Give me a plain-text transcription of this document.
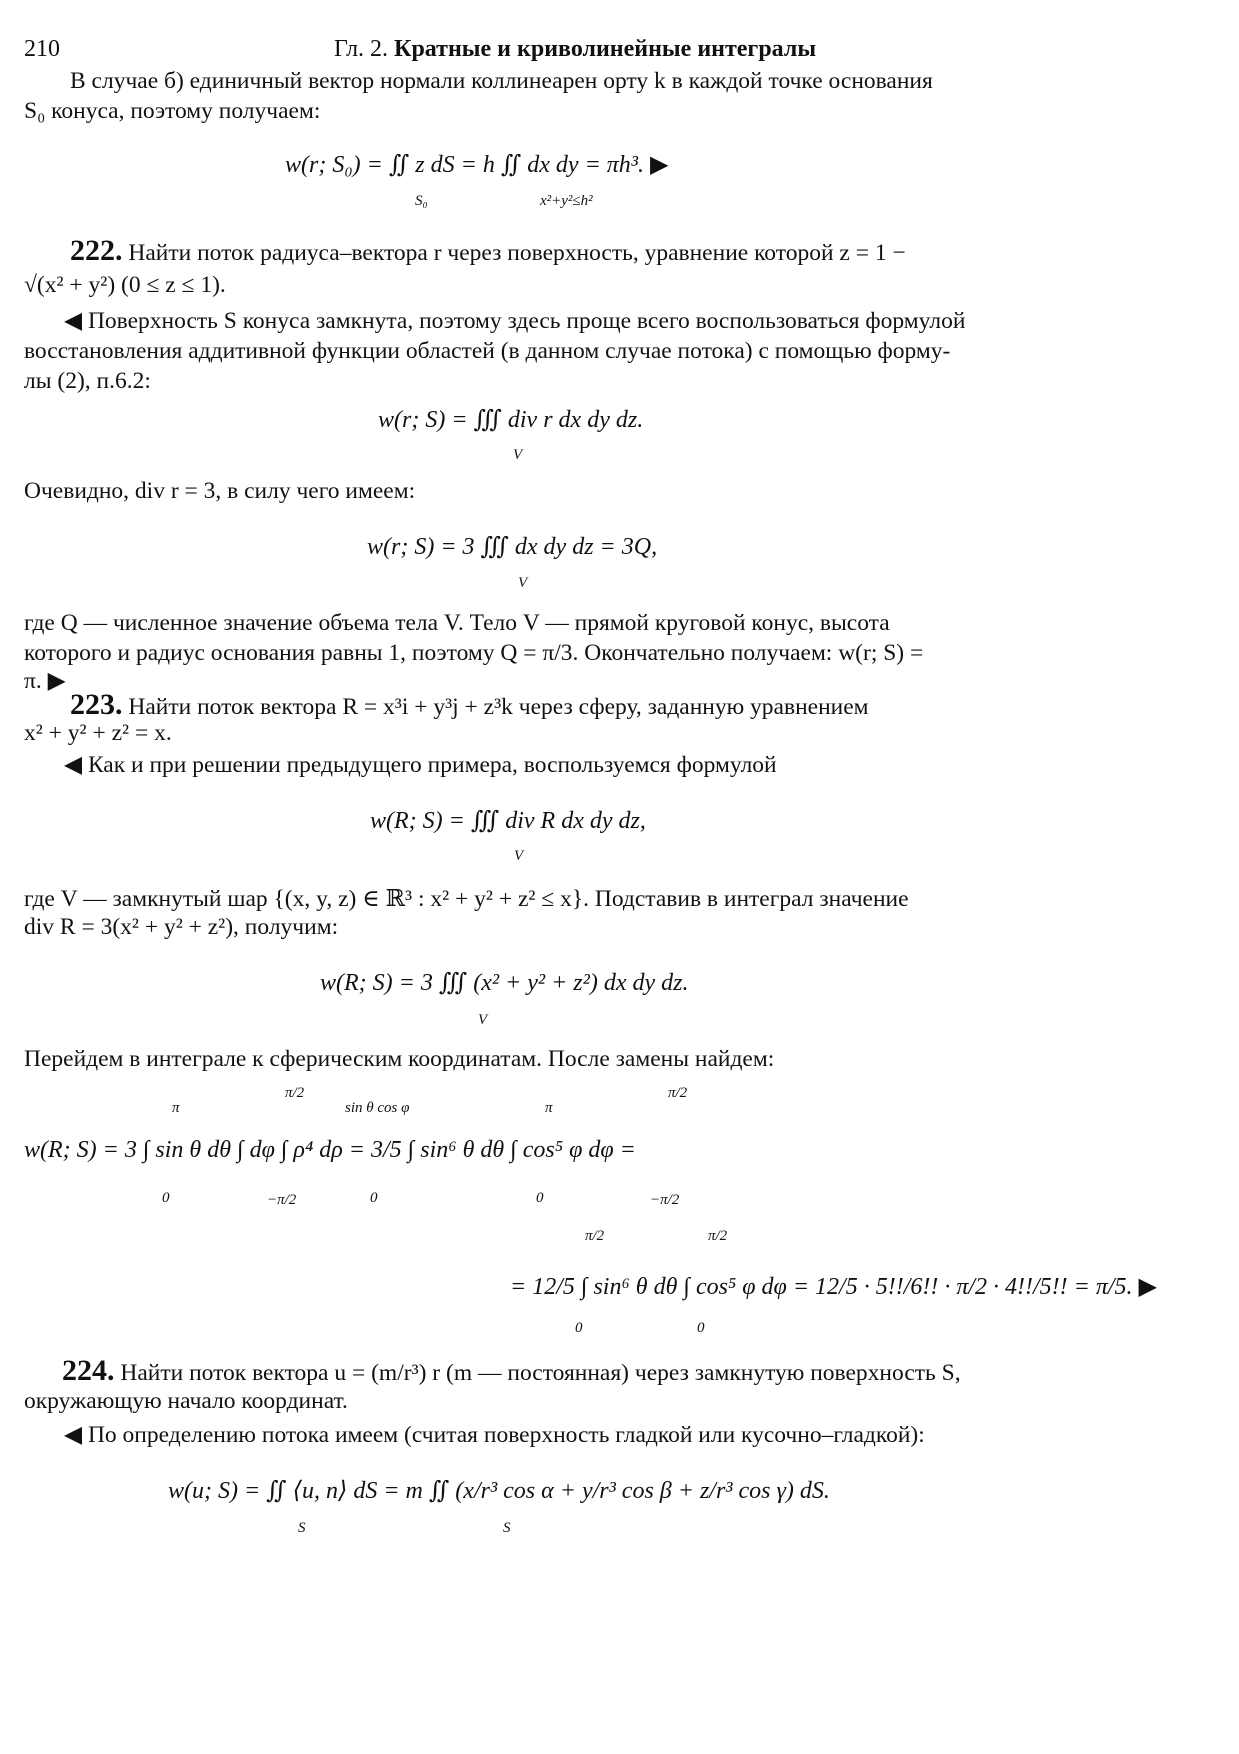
210	Гл. 2. Кратные и криволинейные интегралы
В случае б) единичный вектор нормали коллинеарен орту k в каждой точке основания
S₀ конуса, поэтому получаем:
w(r; S₀) = ∬ z dS = h ∬ dx dy = πh³. ▶
S₀	x²+y²≤h²
222. Найти поток радиуса–вектора r через поверхность, уравнение которой z = 1 −
√(x² + y²) (0 ≤ z ≤ 1).
◀ Поверхность S конуса замкнута, поэтому здесь проще всего воспользоваться формулой
восстановления аддитивной функции областей (в данном случае потока) с помощью форму-
лы (2), п.6.2:
w(r; S) = ∭ div r dx dy dz.
V
Очевидно, div r = 3, в силу чего имеем:
w(r; S) = 3 ∭ dx dy dz = 3Q,
V
где Q — численное значение объема тела V. Тело V — прямой круговой конус, высота
которого и радиус основания равны 1, поэтому Q = π/3. Окончательно получаем: w(r; S) =
π. ▶
223. Найти поток вектора R = x³i + y³j + z³k через сферу, заданную уравнением
x² + y² + z² = x.
◀ Как и при решении предыдущего примера, воспользуемся формулой
w(R; S) = ∭ div R dx dy dz,
V
где V — замкнутый шар {(x, y, z) ∈ ℝ³ : x² + y² + z² ≤ x}. Подставив в интеграл значение
div R = 3(x² + y² + z²), получим:
w(R; S) = 3 ∭ (x² + y² + z²) dx dy dz.
V
Перейдем в интеграле к сферическим координатам. После замены найдем:
w(R; S) = 3 ∫ sin θ dθ ∫ dφ ∫ ρ⁴ dρ = 3/5 ∫ sin⁶ θ dθ ∫ cos⁵ φ dφ =
π
0
π/2
−π/2
sin θ cos φ
0
π
0
π/2
−π/2
= 12/5 ∫ sin⁶ θ dθ ∫ cos⁵ φ dφ = 12/5 · 5!!/6!! · π/2 · 4!!/5!! = π/5. ▶
π/2
0
π/2
0
224. Найти поток вектора u = (m/r³) r (m — постоянная) через замкнутую поверхность S,
окружающую начало координат.
◀ По определению потока имеем (считая поверхность гладкой или кусочно–гладкой):
w(u; S) = ∬ ⟨u, n⟩ dS = m ∬ (x/r³ cos α + y/r³ cos β + z/r³ cos γ) dS.
S	S
